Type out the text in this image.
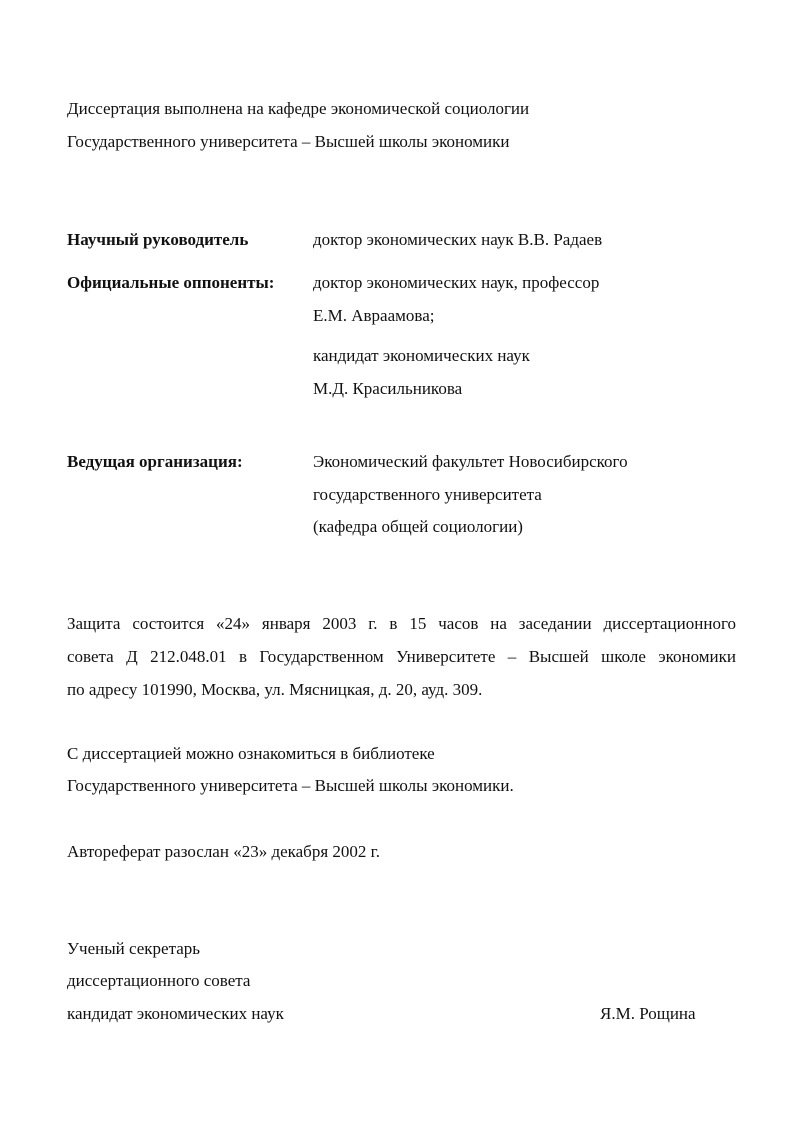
Диссертация выполнена на кафедре экономической социологии
Государственного университета – Высшей школы экономики
Научный руководитель	доктор экономических наук В.В. Радаев
Официальные оппоненты: доктор экономических наук, профессор
Е.М. Авраамова;
кандидат экономических наук
М.Д. Красильникова
Ведущая организация:	Экономический факультет Новосибирского
государственного университета
(кафедра общей социологии)
Защита состоится «24» января 2003 г. в 15 часов на заседании диссертационного
совета Д 212.048.01 в Государственном Университете – Высшей школе экономики
по адресу 101990, Москва, ул. Мясницкая, д. 20, ауд. 309.
С диссертацией можно ознакомиться в библиотеке
Государственного университета – Высшей школы экономики.
Автореферат разослан «23» декабря 2002 г.
Ученый секретарь
диссертационного совета
кандидат экономических наук	Я.М. Рощина
